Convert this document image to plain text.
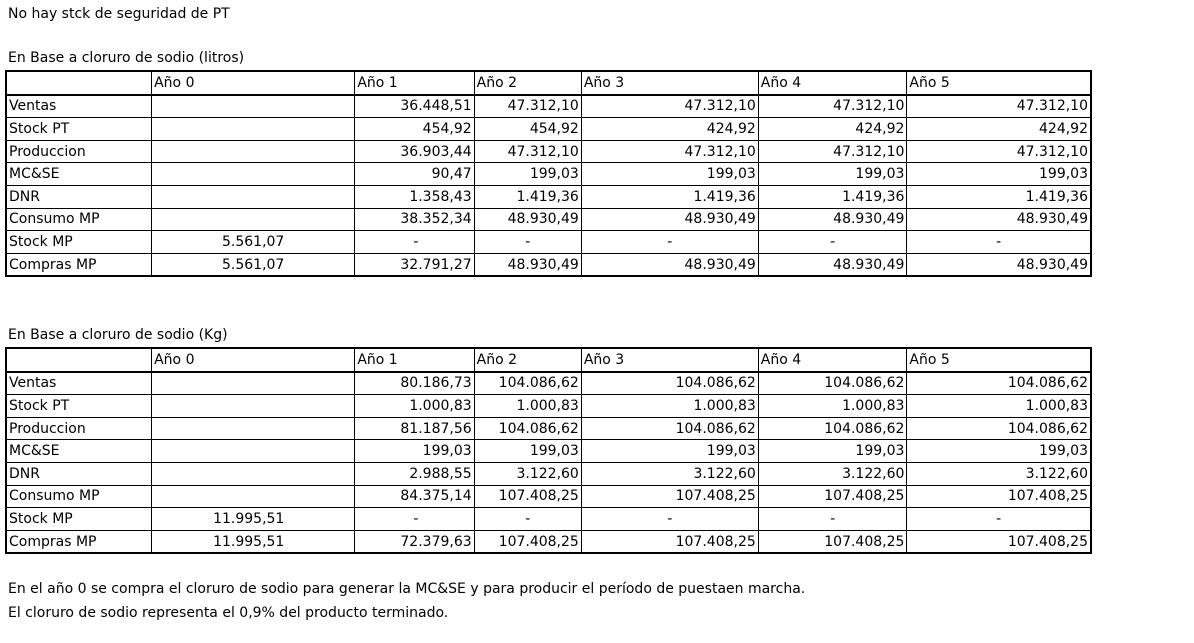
No hay stck de seguridad de PT
En Base a cloruro de sodio (litros)
	Año 0	Año 1	Año 2	Año 3	Año 4	Año 5
Ventas		36.448,51	47.312,10	47.312,10	47.312,10	47.312,10
Stock PT		454,92	454,92	424,92	424,92	424,92
Produccion		36.903,44	47.312,10	47.312,10	47.312,10	47.312,10
MC&SE		90,47	199,03	199,03	199,03	199,03
DNR		1.358,43	1.419,36	1.419,36	1.419,36	1.419,36
Consumo MP		38.352,34	48.930,49	48.930,49	48.930,49	48.930,49
Stock MP	5.561,07	-	-	-	-	-
Compras MP	5.561,07	32.791,27	48.930,49	48.930,49	48.930,49	48.930,49
En Base a cloruro de sodio (Kg)
	Año 0	Año 1	Año 2	Año 3	Año 4	Año 5
Ventas		80.186,73	104.086,62	104.086,62	104.086,62	104.086,62
Stock PT		1.000,83	1.000,83	1.000,83	1.000,83	1.000,83
Produccion		81.187,56	104.086,62	104.086,62	104.086,62	104.086,62
MC&SE		199,03	199,03	199,03	199,03	199,03
DNR		2.988,55	3.122,60	3.122,60	3.122,60	3.122,60
Consumo MP		84.375,14	107.408,25	107.408,25	107.408,25	107.408,25
Stock MP	11.995,51	-	-	-	-	-
Compras MP	11.995,51	72.379,63	107.408,25	107.408,25	107.408,25	107.408,25
En el año 0 se compra el cloruro de sodio para generar la MC&SE y para producir el período de puestaen marcha.
El cloruro de sodio representa el 0,9% del producto terminado.
